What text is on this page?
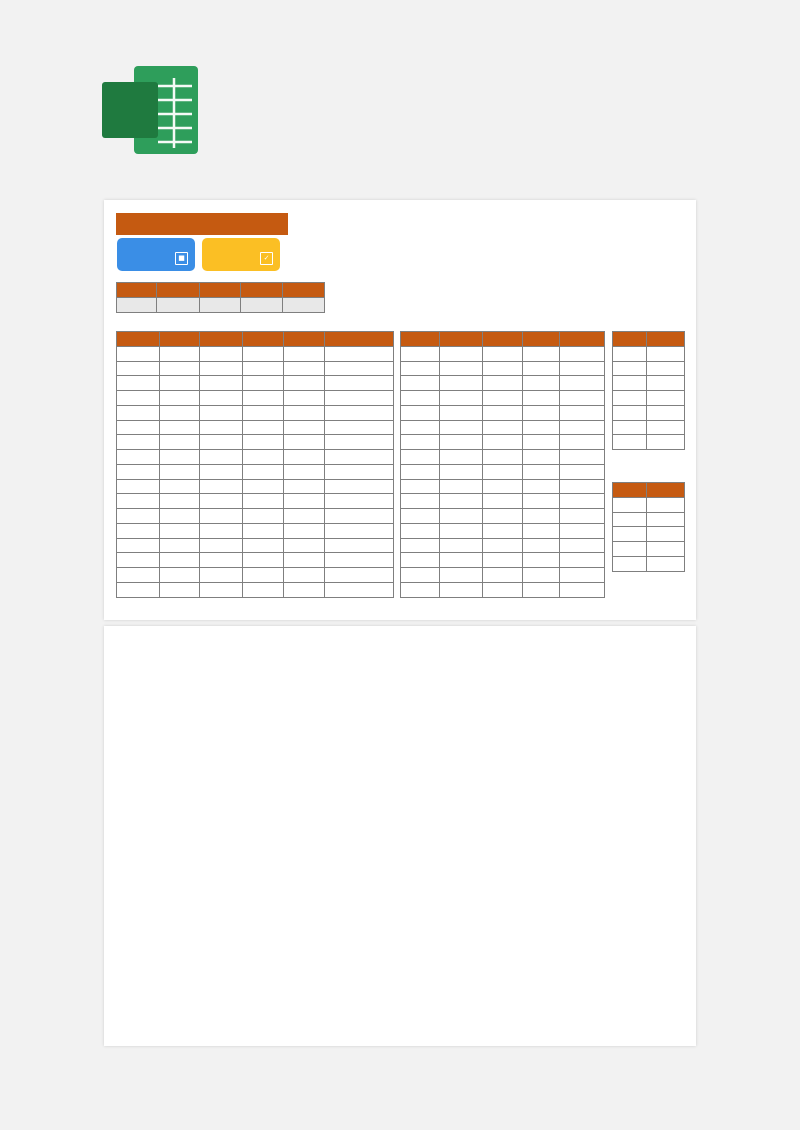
■	✓
